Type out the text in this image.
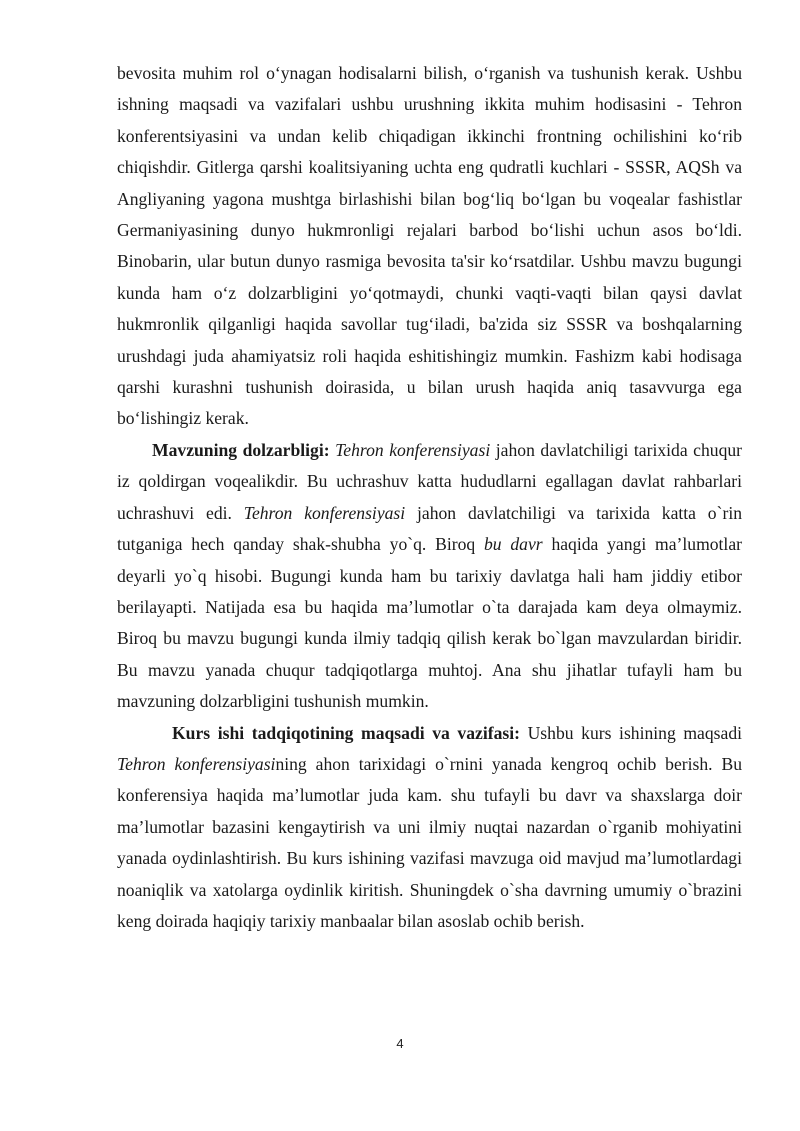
bevosita muhim rol o‘ynagan hodisalarni bilish, o‘rganish va tushunish kerak. Ushbu ishning maqsadi va vazifalari ushbu urushning ikkita muhim hodisasini - Tehron konferentsiyasini va undan kelib chiqadigan ikkinchi frontning ochilishini ko‘rib chiqishdir. Gitlerga qarshi koalitsiyaning uchta eng qudratli kuchlari - SSSR, AQSh va Angliyaning yagona mushtga birlashishi bilan bog‘liq bo‘lgan bu voqealar fashistlar Germaniyasining dunyo hukmronligi rejalari barbod bo‘lishi uchun asos bo‘ldi. Binobarin, ular butun dunyo rasmiga bevosita ta'sir ko‘rsatdilar. Ushbu mavzu bugungi kunda ham o‘z dolzarbligini yo‘qotmaydi, chunki vaqti-vaqti bilan qaysi davlat hukmronlik qilganligi haqida savollar tug‘iladi, ba'zida siz SSSR va boshqalarning urushdagi juda ahamiyatsiz roli haqida eshitishingiz mumkin. Fashizm kabi hodisaga qarshi kurashni tushunish doirasida, u bilan urush haqida aniq tasavvurga ega bo‘lishingiz kerak.

Mavzuning dolzarbligi: Tehron konferensiyasi jahon davlatchiligi tarixida chuqur iz qoldirgan voqealikdir. Bu uchrashuv katta hududlarni egallagan davlat rahbarlari uchrashuvi edi. Tehron konferensiyasi jahon davlatchiligi va tarixida katta o`rin tutganiga hech qanday shak-shubha yo`q. Biroq bu davr haqida yangi ma’lumotlar deyarli yo`q hisobi. Bugungi kunda ham bu tarixiy davlatga hali ham jiddiy etibor berilayapti. Natijada esa bu haqida ma’lumotlar o`ta darajada kam deya olmaymiz. Biroq bu mavzu bugungi kunda ilmiy tadqiq qilish kerak bo`lgan mavzulardan biridir. Bu mavzu yanada chuqur tadqiqotlarga muhtoj. Ana shu jihatlar tufayli ham bu mavzuning dolzarbligini tushunish mumkin.

Kurs ishi tadqiqotining maqsadi va vazifasi: Ushbu kurs ishining maqsadi Tehron konferensiyasining ahon tarixidagi o`rnini yanada kengroq ochib berish. Bu konferensiya haqida ma’lumotlar juda kam. shu tufayli bu davr va shaxslarga doir ma’lumotlar bazasini kengaytirish va uni ilmiy nuqtai nazardan o`rganib mohiyatini yanada oydinlashtirish. Bu kurs ishining vazifasi mavzuga oid mavjud ma’lumotlardagi noaniqlik va xatolarga oydinlik kiritish. Shuningdek o`sha davrning umumiy o`brazini keng doirada haqiqiy tarixiy manbaalar bilan asoslab ochib berish.

4
